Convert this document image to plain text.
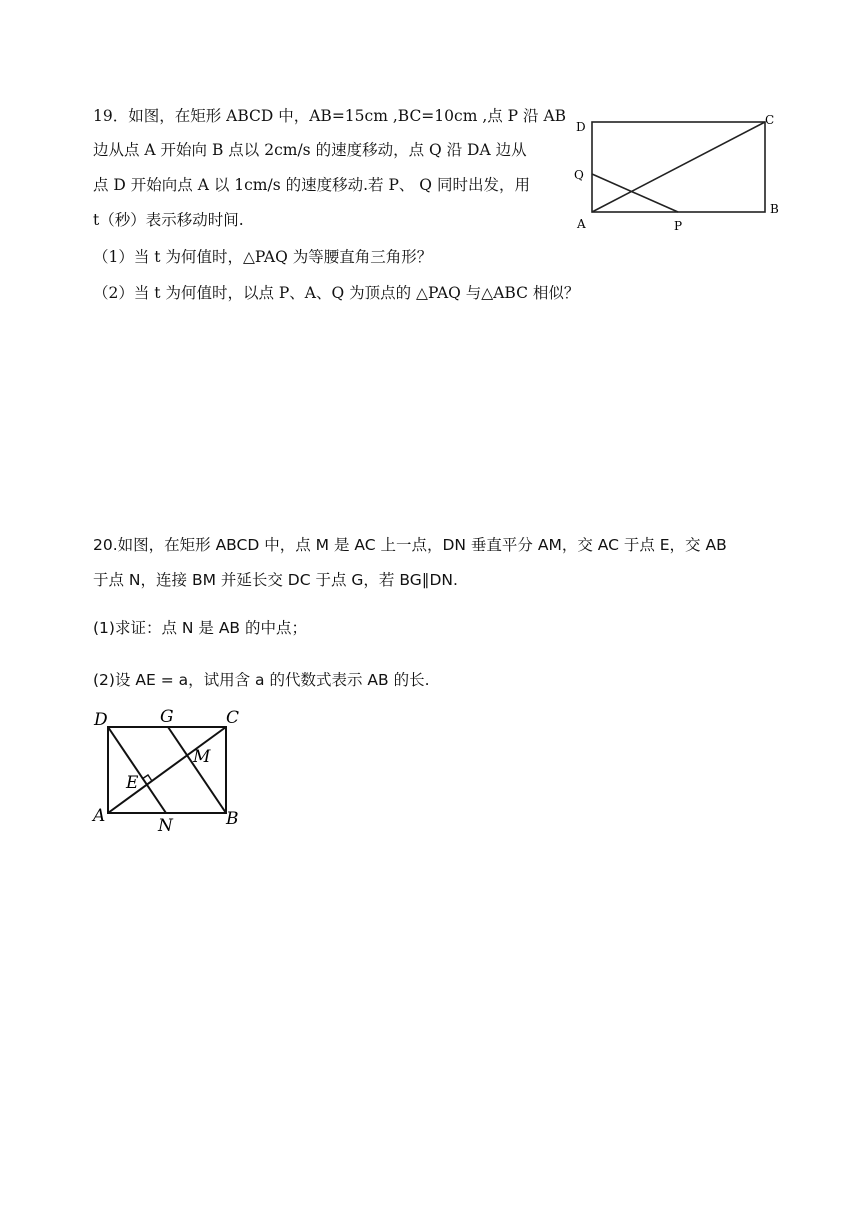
19．如图，在矩形 ABCD 中，AB=15cm ,BC=10cm ,点 P 沿 AB
边从点 A 开始向 B 点以 2cm/s 的速度移动，点 Q 沿 DA 边从
点 D 开始向点 A 以 1cm/s 的速度移动.若 P、 Q 同时出发，用
t（秒）表示移动时间.
（1）当 t 为何值时，△PAQ 为等腰直角三角形？
（2）当 t 为何值时，以点 P、A、Q 为顶点的 △PAQ 与△ABC 相似？
D	C
Q
A	P
B
20.如图，在矩形 ABCD 中，点 M 是 AC 上一点，DN 垂直平分 AM，交 AC 于点 E，交 AB
于点 N，连接 BM 并延长交 DC 于点 G，若 BG∥DN.
(1)求证：点 N 是 AB 的中点；
(2)设 AE = a，试用含 a 的代数式表示 AB 的长.
D	G	C
M
E
A	N	B
